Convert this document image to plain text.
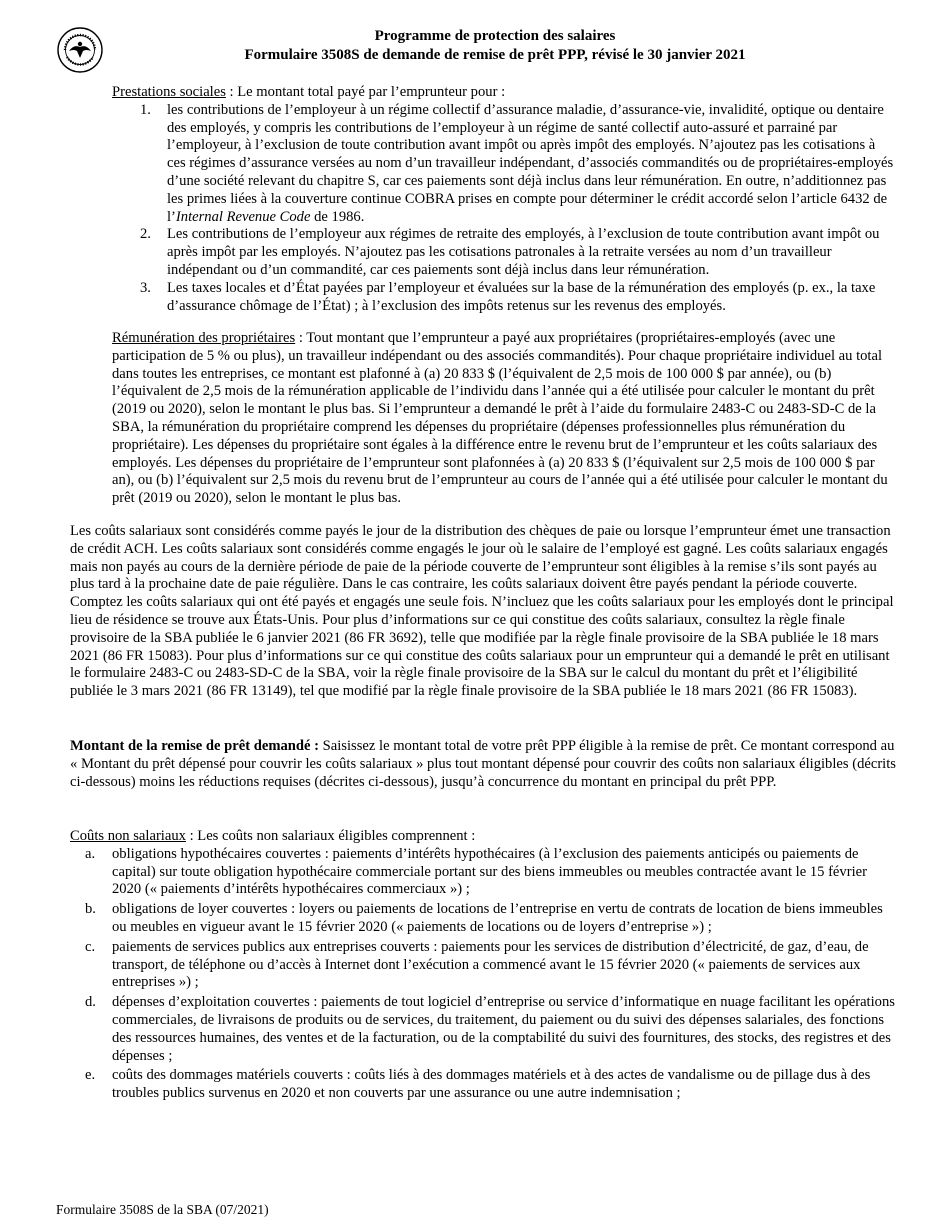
Programme de protection des salaires
Formulaire 3508S de demande de remise de prêt PPP, révisé le 30 janvier 2021

Prestations sociales : Le montant total payé par l’emprunteur pour :

1. les contributions de l’employeur à un régime collectif d’assurance maladie, d’assurance-vie, invalidité, optique ou dentaire des employés, y compris les contributions de l’employeur à un régime de santé collectif auto-assuré et parrainé par l’employeur, à l’exclusion de toute contribution avant impôt ou après impôt des employés. N’ajoutez pas les cotisations à ces régimes d’assurance versées au nom d’un travailleur indépendant, d’associés commandités ou de propriétaires-employés d’une société relevant du chapitre S, car ces paiements sont déjà inclus dans leur rémunération. En outre, n’additionnez pas les primes liées à la couverture continue COBRA prises en compte pour déterminer le crédit accordé selon l’article 6432 de l’Internal Revenue Code de 1986.
2. Les contributions de l’employeur aux régimes de retraite des employés, à l’exclusion de toute contribution avant impôt ou après impôt par les employés. N’ajoutez pas les cotisations patronales à la retraite versées au nom d’un travailleur indépendant ou d’un commandité, car ces paiements sont déjà inclus dans leur rémunération.
3. Les taxes locales et d’État payées par l’employeur et évaluées sur la base de la rémunération des employés (p. ex., la taxe d’assurance chômage de l’État) ; à l’exclusion des impôts retenus sur les revenus des employés.

Rémunération des propriétaires : Tout montant que l’emprunteur a payé aux propriétaires (propriétaires-employés (avec une participation de 5 % ou plus), un travailleur indépendant ou des associés commandités). Pour chaque propriétaire individuel au total dans toutes les entreprises, ce montant est plafonné à (a) 20 833 $ (l’équivalent de 2,5 mois de 100 000 $ par année), ou (b) l’équivalent de 2,5 mois de la rémunération applicable de l’individu dans l’année qui a été utilisée pour calculer le montant du prêt (2019 ou 2020), selon le montant le plus bas. Si l’emprunteur a demandé le prêt à l’aide du formulaire 2483-C ou 2483-SD-C de la SBA, la rémunération du propriétaire comprend les dépenses du propriétaire (dépenses professionnelles plus rémunération du propriétaire). Les dépenses du propriétaire sont égales à la différence entre le revenu brut de l’emprunteur et les coûts salariaux des employés. Les dépenses du propriétaire de l’emprunteur sont plafonnées à (a) 20 833 $ (l’équivalent sur 2,5 mois de 100 000 $ par an), ou (b) l’équivalent sur 2,5 mois du revenu brut de l’emprunteur au cours de l’année qui a été utilisée pour calculer le montant du prêt (2019 ou 2020), selon le montant le plus bas.

Les coûts salariaux sont considérés comme payés le jour de la distribution des chèques de paie ou lorsque l’emprunteur émet une transaction de crédit ACH. Les coûts salariaux sont considérés comme engagés le jour où le salaire de l’employé est gagné. Les coûts salariaux engagés mais non payés au cours de la dernière période de paie de la période couverte de l’emprunteur sont éligibles à la remise s’ils sont payés au plus tard à la prochaine date de paie régulière. Dans le cas contraire, les coûts salariaux doivent être payés pendant la période couverte. Comptez les coûts salariaux qui ont été payés et engagés une seule fois. N’incluez que les coûts salariaux pour les employés dont le principal lieu de résidence se trouve aux États-Unis. Pour plus d’informations sur ce qui constitue des coûts salariaux, consultez la règle finale provisoire de la SBA publiée le 6 janvier 2021 (86 FR 3692), telle que modifiée par la règle finale provisoire de la SBA publiée le 18 mars 2021 (86 FR 15083). Pour plus d’informations sur ce qui constitue des coûts salariaux pour un emprunteur qui a demandé le prêt en utilisant le formulaire 2483-C ou 2483-SD-C de la SBA, voir la règle finale provisoire de la SBA sur le calcul du montant du prêt et l’éligibilité publiée le 3 mars 2021 (86 FR 13149), tel que modifié par la règle finale provisoire de la SBA publiée le 18 mars 2021 (86 FR 15083).

Montant de la remise de prêt demandé : Saisissez le montant total de votre prêt PPP éligible à la remise de prêt. Ce montant correspond au « Montant du prêt dépensé pour couvrir les coûts salariaux » plus tout montant dépensé pour couvrir des coûts non salariaux éligibles (décrits ci-dessous) moins les réductions requises (décrites ci-dessous), jusqu’à concurrence du montant en principal du prêt PPP.

Coûts non salariaux : Les coûts non salariaux éligibles comprennent :

a. obligations hypothécaires couvertes : paiements d’intérêts hypothécaires (à l’exclusion des paiements anticipés ou paiements de capital) sur toute obligation hypothécaire commerciale portant sur des biens immeubles ou meubles contractée avant le 15 février 2020 (« paiements d’intérêts hypothécaires commerciaux ») ;
b. obligations de loyer couvertes : loyers ou paiements de locations de l’entreprise en vertu de contrats de location de biens immeubles ou meubles en vigueur avant le 15 février 2020 (« paiements de locations ou de loyers d’entreprise ») ;
c. paiements de services publics aux entreprises couverts : paiements pour les services de distribution d’électricité, de gaz, d’eau, de transport, de téléphone ou d’accès à Internet dont l’exécution a commencé avant le 15 février 2020 (« paiements de services aux entreprises ») ;
d. dépenses d’exploitation couvertes : paiements de tout logiciel d’entreprise ou service d’informatique en nuage facilitant les opérations commerciales, de livraisons de produits ou de services, du traitement, du paiement ou du suivi des dépenses salariales, des fonctions des ressources humaines, des ventes et de la facturation, ou de la comptabilité du suivi des fournitures, des stocks, des registres et des dépenses ;
e. coûts des dommages matériels couverts : coûts liés à des dommages matériels et à des actes de vandalisme ou de pillage dus à des troubles publics survenus en 2020 et non couverts par une assurance ou une autre indemnisation ;
Formulaire 3508S de la SBA (07/2021)
